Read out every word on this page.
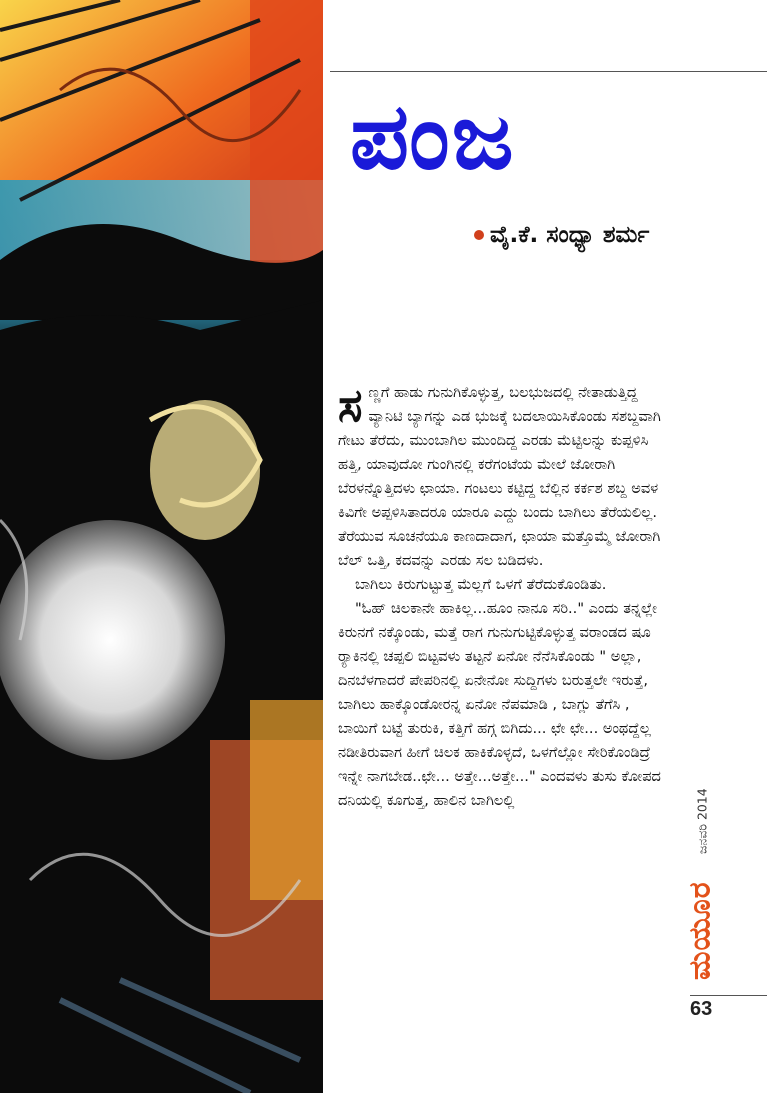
ಪಂಜ
ವೈ.ಕೆ. ಸಂಧ್ಯಾ ಶರ್ಮ

ಸಣ್ಣಗೆ ಹಾಡು ಗುನುಗಿಕೊಳ್ಳುತ್ತ, ಬಲಭುಜದಲ್ಲಿ ನೇತಾಡುತ್ತಿದ್ದ ವ್ಯಾನಿಟಿ ಬ್ಯಾಗನ್ನು ಎಡ ಭುಜಕ್ಕೆ ಬದಲಾಯಿಸಿಕೊಂಡು ಸಶಬ್ದವಾಗಿ ಗೇಟು ತೆರೆದು, ಮುಂಬಾಗಿಲ ಮುಂದಿದ್ದ ಎರಡು ಮೆಟ್ಟಿಲನ್ನು ಕುಪ್ಪಳಿಸಿ ಹತ್ತಿ, ಯಾವುದೋ ಗುಂಗಿನಲ್ಲಿ ಕರೆಗಂಟೆಯ ಮೇಲೆ ಜೋರಾಗಿ ಬೆರಳನ್ನೊತ್ತಿದಳು ಛಾಯಾ. ಗಂಟಲು ಕಟ್ಟಿದ್ದ ಬೆಲ್ಲಿನ ಕರ್ಕಶ ಶಬ್ದ ಅವಳ ಕಿವಿಗೇ ಅಪ್ಪಳಿಸಿತಾದರೂ ಯಾರೂ ಎದ್ದು ಬಂದು ಬಾಗಿಲು ತೆರೆಯಲಿಲ್ಲ. ತೆರೆಯುವ ಸೂಚನೆಯೂ ಕಾಣದಾದಾಗ, ಛಾಯಾ ಮತ್ತೊಮ್ಮೆ ಜೋರಾಗಿ ಬೆಲ್ ಒತ್ತಿ, ಕದವನ್ನು ಎರಡು ಸಲ ಬಡಿದಳು.

ಬಾಗಿಲು ಕಿರುಗುಟ್ಟುತ್ತ ಮೆಲ್ಲಗೆ ಒಳಗೆ ತೆರೆದುಕೊಂಡಿತು.

"ಓಹ್ ಚಿಲಕಾನೇ ಹಾಕಿಲ್ಲ...ಹೂಂ ನಾನೂ ಸರಿ.." ಎಂದು ತನ್ನಲ್ಲೇ ಕಿರುನಗೆ ನಕ್ಕೊಂಡು, ಮತ್ತೆ ರಾಗ ಗುನುಗುಟ್ಟಿಕೊಳ್ಳುತ್ತ ವರಾಂಡದ ಷೂ ರ್‍ಯಾಕಿನಲ್ಲಿ ಚಪ್ಪಲಿ ಬಿಟ್ಟವಳು ತಟ್ಟನೆ ಏನೋ ನೆನೆಸಿಕೊಂಡು " ಅಲ್ಲಾ, ದಿನಬೆಳಗಾದರೆ ಪೇಪರಿನಲ್ಲಿ ಏನೇನೋ ಸುದ್ದಿಗಳು ಬರುತ್ತಲೇ ಇರುತ್ತೆ, ಬಾಗಿಲು ಹಾಕ್ಕೊಂಡೋರನ್ನ ಏನೋ ನೆಪಮಾಡಿ , ಬಾಗ್ಲು ತೆಗೆಸಿ , ಬಾಯಿಗೆ ಬಟ್ಟೆ ತುರುಕಿ, ಕತ್ತಿಗೆ ಹಗ್ಗ ಬಿಗಿದು... ಛೇ ಛೇ... ಅಂಥದ್ದೆಲ್ಲ ನಡೀತಿರುವಾಗ ಹೀಗೆ ಚಿಲಕ ಹಾಕಿಕೊಳ್ಳದೆ, ಒಳಗೆಲ್ಲೋ ಸೇರಿಕೊಂಡಿದ್ರೆ ಇನ್ನೇ ನಾಗಬೇಡ..ಛೇ... ಅತ್ತೇ...ಅತ್ತೇ..." ಎಂದವಳು ತುಸು ಕೋಪದ ದನಿಯಲ್ಲಿ ಕೂಗುತ್ತ, ಹಾಲಿನ ಬಾಗಿಲಲ್ಲಿ	ಜನವರಿ 2014
ಮಯೂರ
63
